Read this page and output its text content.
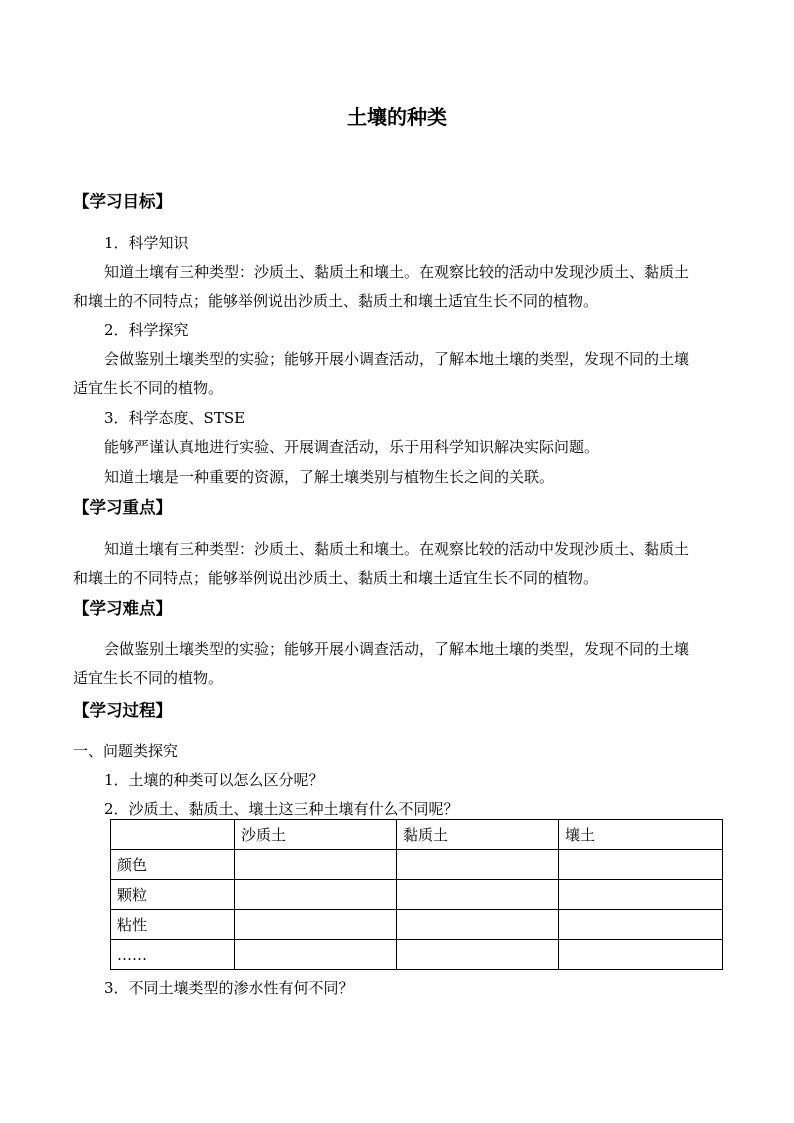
土壤的种类
【学习目标】
1．科学知识
知道土壤有三种类型：沙质土、黏质土和壤土。在观察比较的活动中发现沙质土、黏质土
和壤土的不同特点；能够举例说出沙质土、黏质土和壤土适宜生长不同的植物。
2．科学探究
会做鉴别土壤类型的实验；能够开展小调查活动，了解本地土壤的类型，发现不同的土壤
适宜生长不同的植物。
3．科学态度、STSE
能够严谨认真地进行实验、开展调查活动，乐于用科学知识解决实际问题。
知道土壤是一种重要的资源，了解土壤类别与植物生长之间的关联。
【学习重点】
知道土壤有三种类型：沙质土、黏质土和壤土。在观察比较的活动中发现沙质土、黏质土
和壤土的不同特点；能够举例说出沙质土、黏质土和壤土适宜生长不同的植物。
【学习难点】
会做鉴别土壤类型的实验；能够开展小调查活动，了解本地土壤的类型，发现不同的土壤
适宜生长不同的植物。
【学习过程】
一、问题类探究
1．土壤的种类可以怎么区分呢？
2．沙质土、黏质土、壤土这三种土壤有什么不同呢？
	沙质土	黏质土	壤土
颜色			
颗粒			
粘性			
……			
3．不同土壤类型的渗水性有何不同？
